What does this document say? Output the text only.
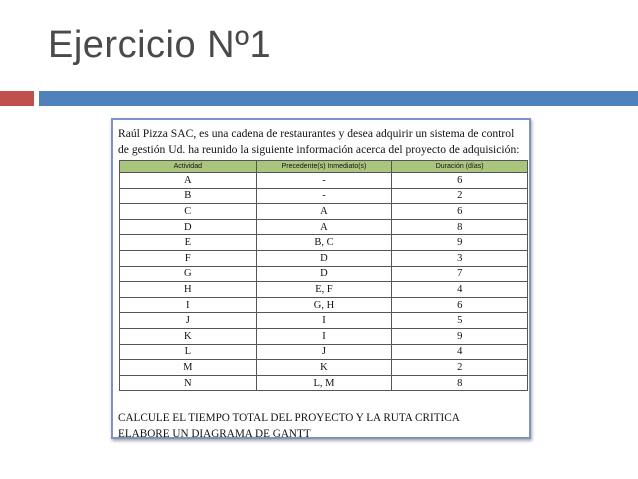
Ejercicio Nº1
Raúl Pizza SAC, es una cadena de restaurantes y desea adquirir un sistema de control
de gestión Ud. ha reunido la siguiente información acerca del proyecto de adquisición:
Actividad	Precedente(s) Inmediato(s)	Duración (días)
A	-	6
B	-	2
C	A	6
D	A	8
E	B, C	9
F	D	3
G	D	7
H	E, F	4
I	G, H	6
J	I	5
K	I	9
L	J	4
M	K	2
N	L, M	8
CALCULE EL TIEMPO TOTAL DEL PROYECTO Y LA RUTA CRITICA
ELABORE UN DIAGRAMA DE GANTT
